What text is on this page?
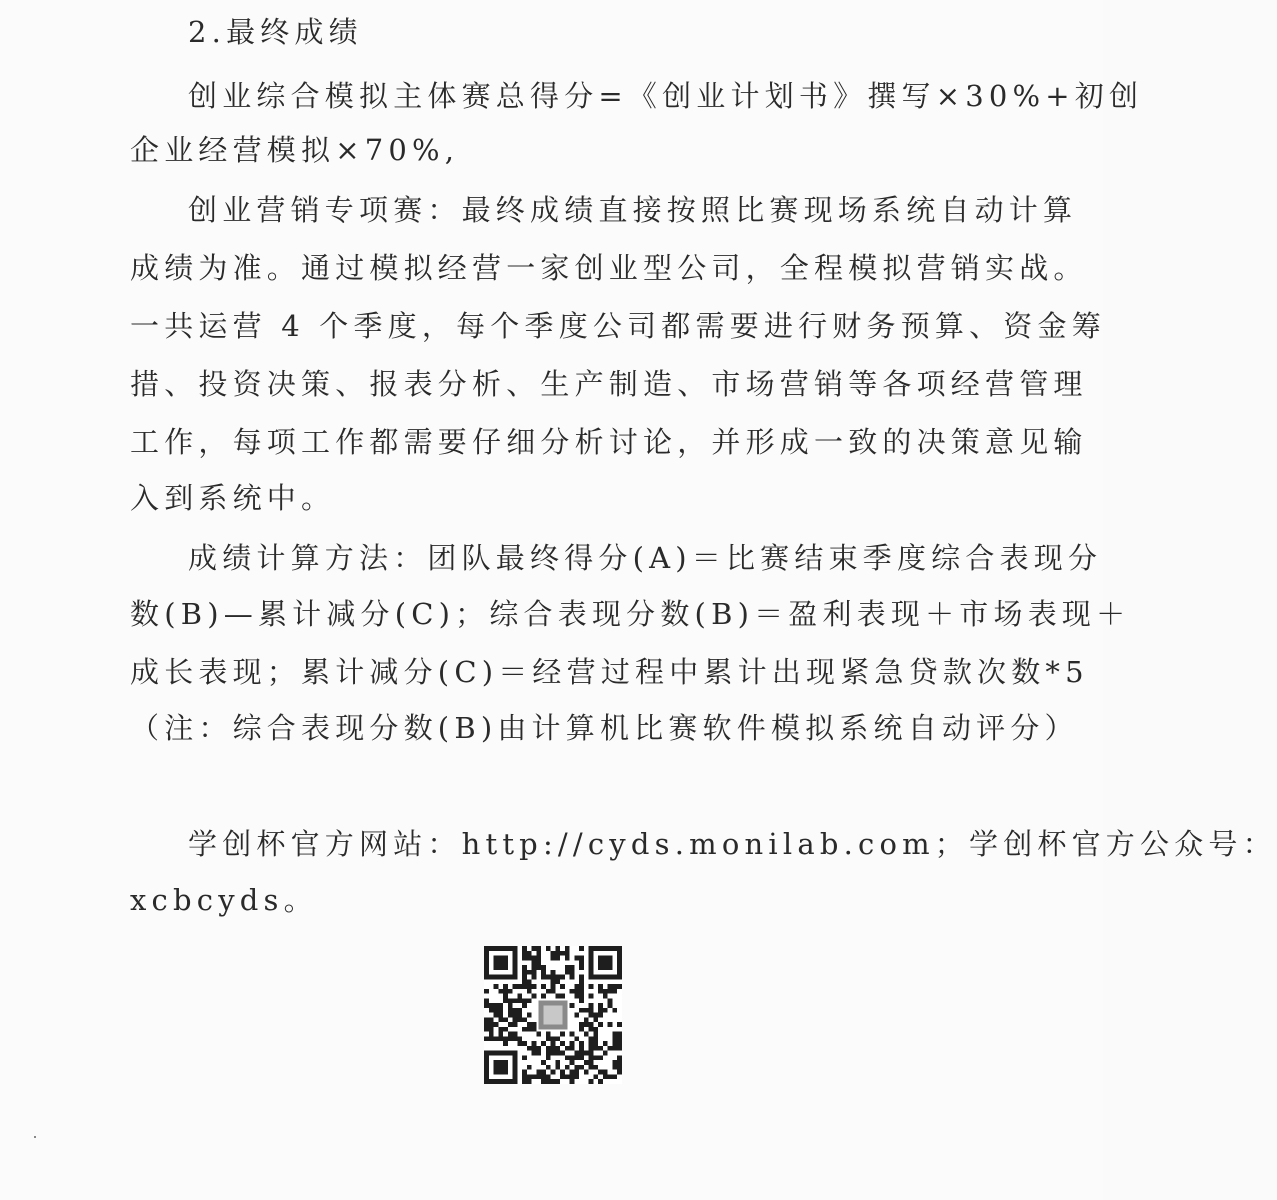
2.最终成绩
创业综合模拟主体赛总得分=《创业计划书》撰写×30%+初创
企业经营模拟×70%,
创业营销专项赛：最终成绩直接按照比赛现场系统自动计算
成绩为准。通过模拟经营一家创业型公司，全程模拟营销实战。
一共运营 4 个季度，每个季度公司都需要进行财务预算、资金筹
措、投资决策、报表分析、生产制造、市场营销等各项经营管理
工作，每项工作都需要仔细分析讨论，并形成一致的决策意见输
入到系统中。
成绩计算方法：团队最终得分(A)＝比赛结束季度综合表现分
数(B)—累计减分(C)；综合表现分数(B)＝盈利表现＋市场表现＋
成长表现；累计减分(C)＝经营过程中累计出现紧急贷款次数*5
（注：综合表现分数(B)由计算机比赛软件模拟系统自动评分）
学创杯官方网站：http://cyds.monilab.com；学创杯官方公众号：
xcbcyds。
